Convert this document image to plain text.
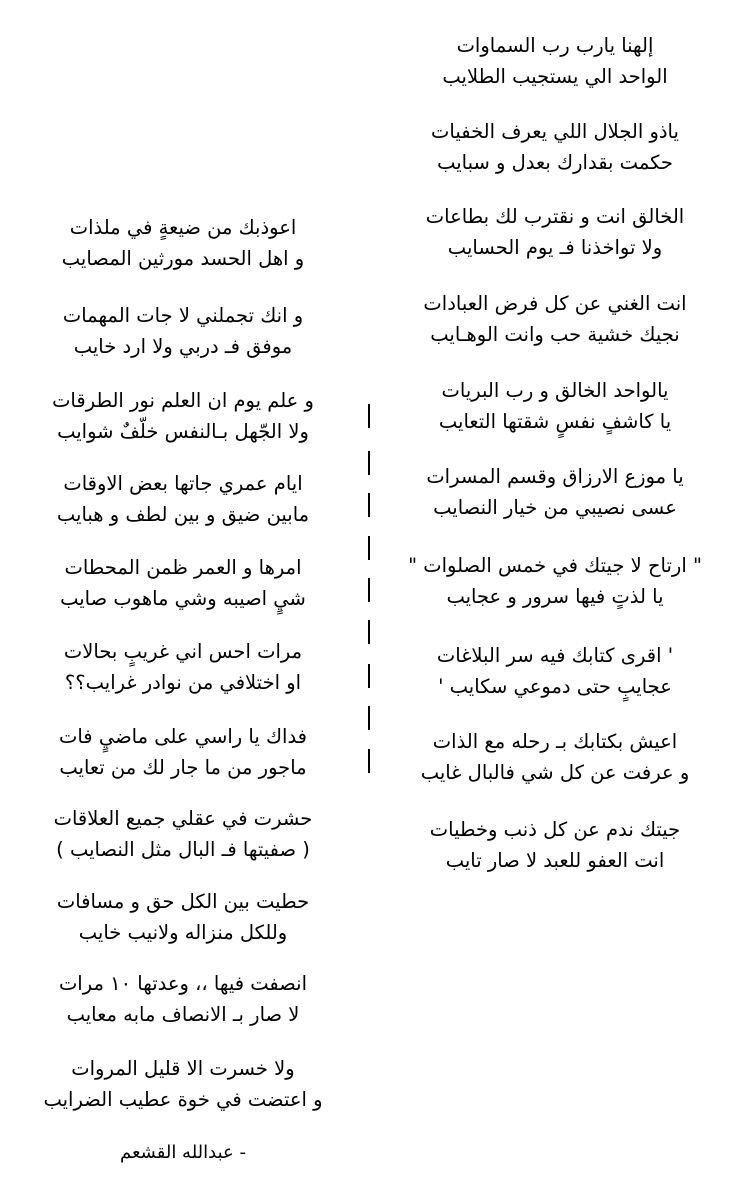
إلهنا يارب رب السماوات
الواحد الي يستجيب الطلايب
ياذو الجلال اللي يعرف الخفيات
حكمت بقدارك بعدل و سبايب
الخالق انت و نقترب لك بطاعات
ولا تواخذنا فـ يوم الحسايب
انت الغني عن كل فرض العبادات
نجيك خشية حب وانت الوهـايب
يالواحد الخالق و رب البريات
يا كاشفٍ نفسٍ شقتها التعايب
يا موزع الارزاق وقسم المسرات
عسى نصيبي من خيار النصايب
" ارتاح لا جيتك في خمس الصلوات "
يا لذتٍ فيها سرور و عجايب
' اقرى كتابك فيه سر البلاغات
عجايبٍ حتى دموعي سكايب '
اعيش بكتابك بـ رحله مع الذات
و عرفت عن كل شي فالبال غايب
جيتك ندم عن كل ذنب وخطيات
انت العفو للعبد لا صار تايب
اعوذبك من ضيعةٍ في ملذات
و اهل الحسد مورثين المصايب
و انك تجملني لا جات المهمات
موفق فـ دربي ولا ارد خايب
و علم يوم ان العلم نور الطرقات
ولا الجّهل بـالنفس خلّفٌ شوايب
ايام عمري جاتها بعض الاوقات
مابين ضيق و بين لطف و هبايب
امرها و العمر ظمن المحطات
شيٍ اصيبه وشي ماهوب صايب
مرات احس اني غريبٍ بحالات
او اختلافي من نوادر غرايب؟؟
فداك يا راسي على ماضيٍ فات
ماجور من ما جار لك من تعايب
حشرت في عقلي جميع العلاقات
( صفيتها فـ البال مثل النصايب )
حطيت بين الكل حق و مسافات
وللكل منزاله ولانيب خايب
انصفت فيها ،، وعدتها ١٠ مرات
لا صار بـ الانصاف مابه معايب
ولا خسرت الا قليل المروات
و اعتضت في خوة عطيب الضرايب
- عبدالله القشعم
